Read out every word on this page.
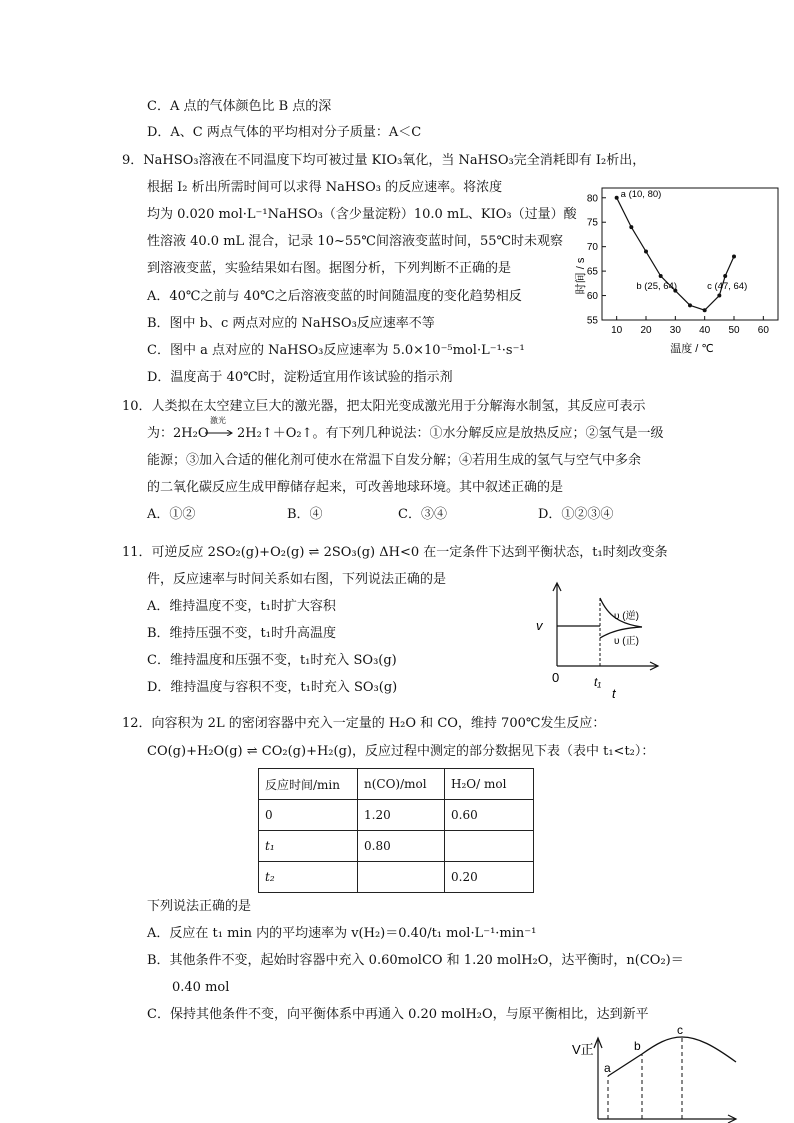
C．A 点的气体颜色比 B 点的深
D．A、C 两点气体的平均相对分子质量：A＜C
9．NaHSO₃溶液在不同温度下均可被过量 KIO₃氧化，当 NaHSO₃完全消耗即有 I₂析出，
根据 I₂ 析出所需时间可以求得 NaHSO₃ 的反应速率。将浓度
均为 0.020 mol·L⁻¹NaHSO₃（含少量淀粉）10.0 mL、KIO₃（过量）酸
性溶液 40.0 mL 混合，记录 10~55℃间溶液变蓝时间，55℃时未观察
到溶液变蓝，实验结果如右图。据图分析，下列判断不正确的是
A．40℃之前与 40℃之后溶液变蓝的时间随温度的变化趋势相反
B．图中 b、c 两点对应的 NaHSO₃反应速率不等
C．图中 a 点对应的 NaHSO₃反应速率为 5.0×10⁻⁵mol·L⁻¹·s⁻¹
D．温度高于 40℃时，淀粉适宜用作该试验的指示剂
10 20 30 40 50 60
55
60
65
70
75
80 a (10, 80)
b (25, 64)	c (47, 64)
时间 / s
温度 / ℃
10．人类拟在太空建立巨大的激光器，把太阳光变成激光用于分解海水制氢，其反应可表示
为：2H₂O
激光
2H₂↑＋O₂↑。有下列几种说法：①水分解反应是放热反应；②氢气是一级
能源；③加入合适的催化剂可使水在常温下自发分解；④若用生成的氢气与空气中多余
的二氧化碳反应生成甲醇储存起来，可改善地球环境。其中叙述正确的是
A．①②	B．④	C．③④	D．①②③④
11．可逆反应 2SO₂(g)+O₂(g) ⇌ 2SO₃(g) ΔH<0 在一定条件下达到平衡状态，t₁时刻改变条
件，反应速率与时间关系如右图，下列说法正确的是
A．维持温度不变，t₁时扩大容积
B．维持压强不变，t₁时升高温度
C．维持温度和压强不变，t₁时充入 SO₃(g)
D．维持温度与容积不变，t₁时充入 SO₃(g)
v
0	t₁
t
υ (逆)
υ (正)
12．向容积为 2L 的密闭容器中充入一定量的 H₂O 和 CO，维持 700℃发生反应：
CO(g)+H₂O(g) ⇌ CO₂(g)+H₂(g)，反应过程中测定的部分数据见下表（表中 t₁<t₂）：
反应时间/min	n(CO)/mol	H₂O/ mol
0	1.20	0.60
t₁	0.80	
t₂		0.20
下列说法正确的是
A．反应在 t₁ min 内的平均速率为 v(H₂)＝0.40/t₁ mol·L⁻¹·min⁻¹
B．其他条件不变，起始时容器中充入 0.60molCO 和 1.20 molH₂O，达平衡时，n(CO₂)＝
0.40 mol
C．保持其他条件不变，向平衡体系中再通入 0.20 molH₂O，与原平衡相比，达到新平
V正
a
b
c
